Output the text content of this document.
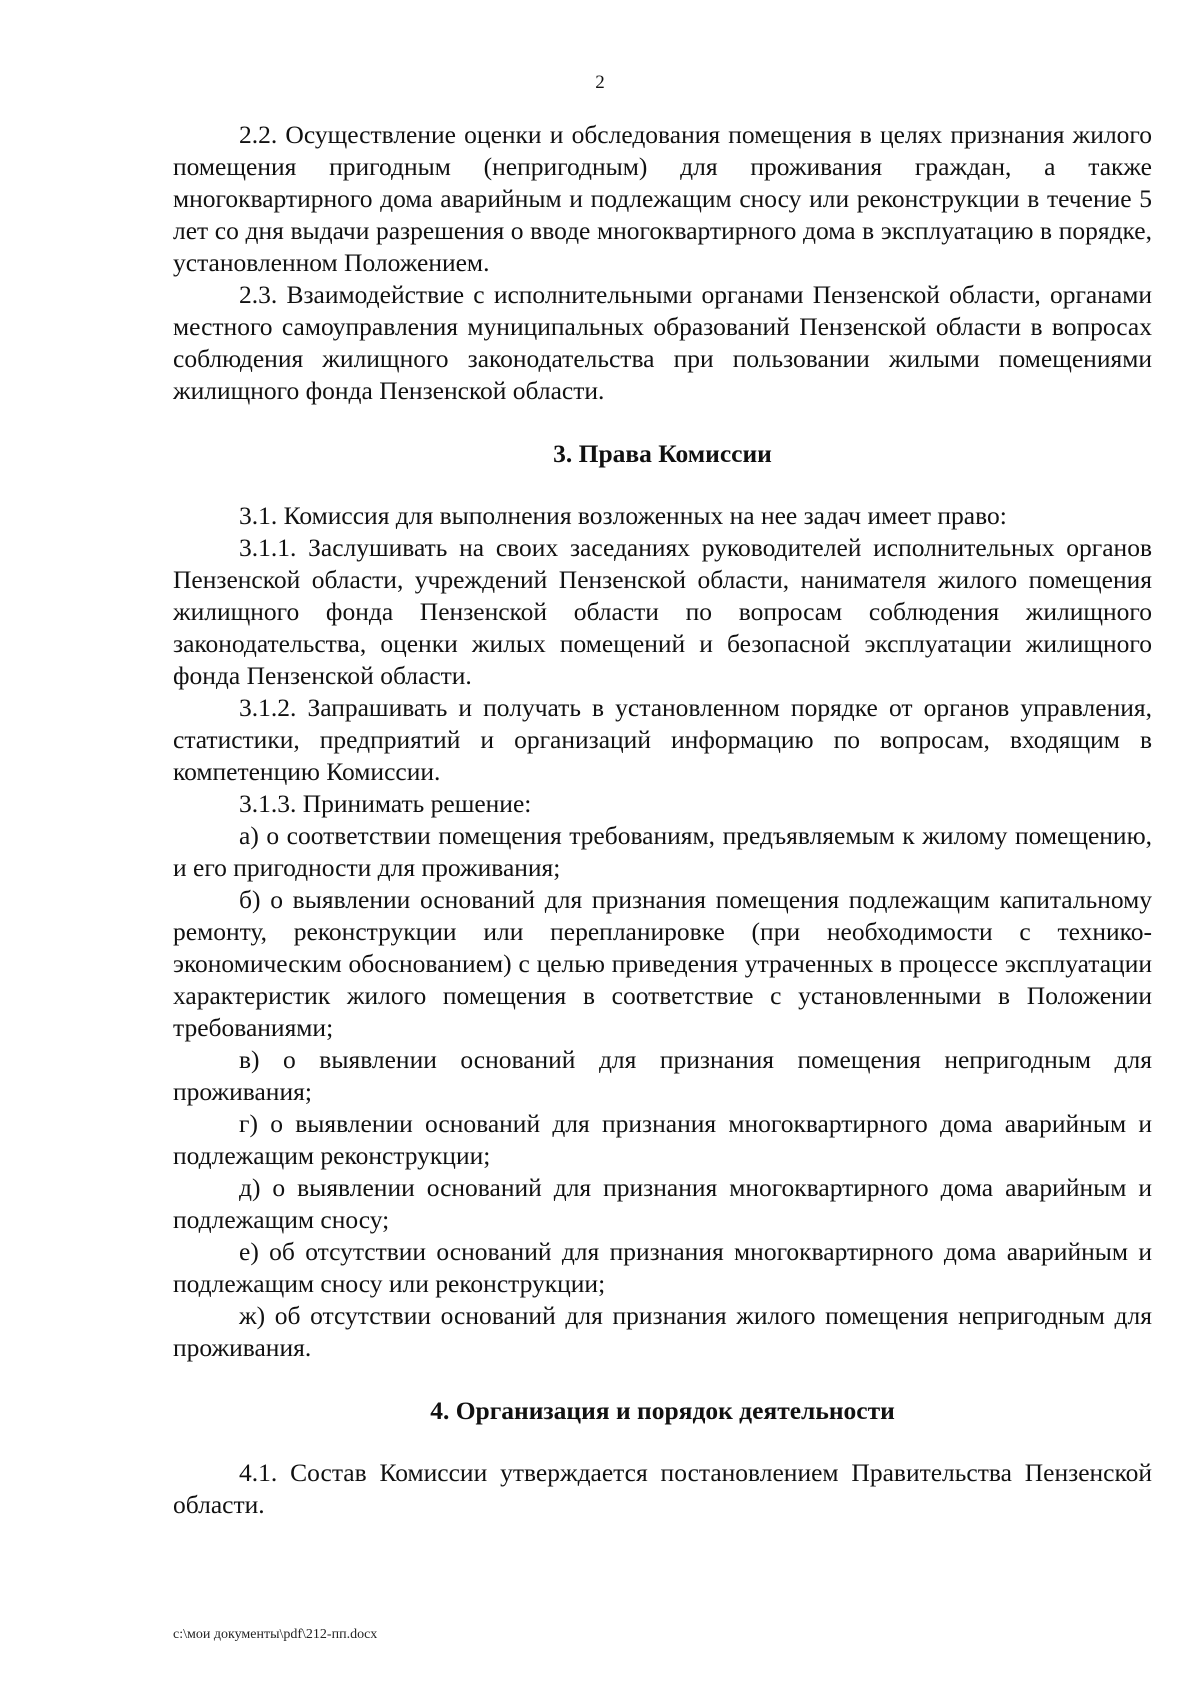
2

2.2. Осуществление оценки и обследования помещения в целях признания жилого помещения пригодным (непригодным) для проживания граждан, а также многоквартирного дома аварийным и подлежащим сносу или реконструкции в течение 5 лет со дня выдачи разрешения о вводе многоквартирного дома в эксплуатацию в порядке, установленном Положением.

2.3. Взаимодействие с исполнительными органами Пензенской области, органами местного самоуправления муниципальных образований Пензенской области в вопросах соблюдения жилищного законодательства при пользовании жилыми помещениями жилищного фонда Пензенской области.

3. Права Комиссии

3.1. Комиссия для выполнения возложенных на нее задач имеет право:

3.1.1. Заслушивать на своих заседаниях руководителей исполнительных органов Пензенской области, учреждений Пензенской области, нанимателя жилого помещения жилищного фонда Пензенской области по вопросам соблюдения жилищного законодательства, оценки жилых помещений и безопасной эксплуатации жилищного фонда Пензенской области.

3.1.2. Запрашивать и получать в установленном порядке от органов управления, статистики, предприятий и организаций информацию по вопросам, входящим в компетенцию Комиссии.

3.1.3. Принимать решение:

а) о соответствии помещения требованиям, предъявляемым к жилому помещению, и его пригодности для проживания;

б) о выявлении оснований для признания помещения подлежащим капитальному ремонту, реконструкции или перепланировке (при необходимости с технико-экономическим обоснованием) с целью приведения утраченных в процессе эксплуатации характеристик жилого помещения в соответствие с установленными в Положении требованиями;

в) о выявлении оснований для признания помещения непригодным для проживания;

г) о выявлении оснований для признания многоквартирного дома аварийным и подлежащим реконструкции;

д) о выявлении оснований для признания многоквартирного дома аварийным и подлежащим сносу;

е) об отсутствии оснований для признания многоквартирного дома аварийным и подлежащим сносу или реконструкции;

ж) об отсутствии оснований для признания жилого помещения непригодным для проживания.

4. Организация и порядок деятельности

4.1. Состав Комиссии утверждается постановлением Правительства Пензенской области.

c:\мои документы\pdf\212-пп.docx
